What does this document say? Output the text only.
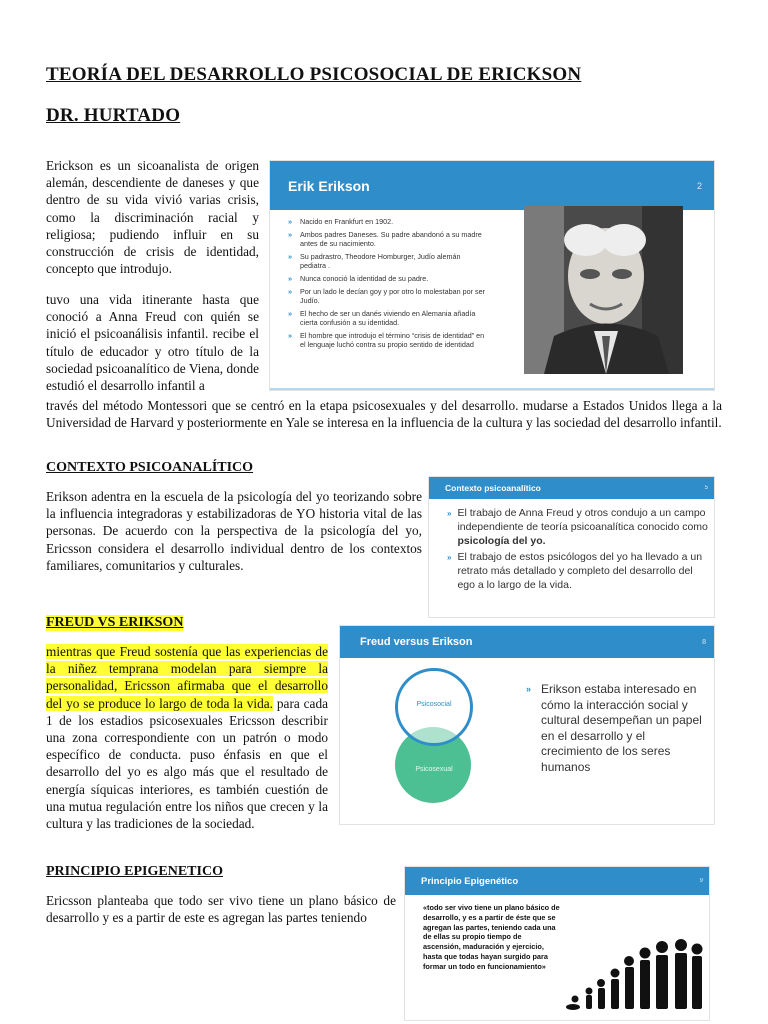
TEORÍA DEL DESARROLLO PSICOSOCIAL DE ERICKSON
DR. HURTADO
Erickson es un sicoanalista de origen alemán, descendiente de daneses y que dentro de su vida vivió varias crisis, como la discriminación racial y religiosa; pudiendo influir en su construcción de crisis de identidad, concepto que introdujo.
tuvo una vida itinerante hasta que conoció a Anna Freud con quién se inició el psicoanálisis infantil. recibe el título de educador y otro título de la sociedad psicoanalítico de Viena, donde estudió el desarrollo infantil a
través del método Montessori que se centró en la etapa psicosexuales y del desarrollo. mudarse a Estados Unidos llega a la Universidad de Harvard y posteriormente en Yale se interesa en la influencia de la cultura y las sociedad del desarrollo infantil.
Erik Erikson	2
» Nacido en Frankfurt en 1902.
» Ambos padres Daneses. Su padre abandonó a su madre antes de su nacimiento.
» Su padrastro, Theodore Homburger, Judío alemán pediatra .
» Nunca conoció la identidad de su padre.
» Por un lado le decían goy y por otro lo molestaban por ser Judío.
» El hecho de ser un danés viviendo en Alemania añadía cierta confusión a su identidad.
» El hombre que introdujo el término “crisis de identidad” en el lenguaje luchó contra su propio sentido de identidad
CONTEXTO PSICOANALÍTICO
Erikson adentra en la escuela de la psicología del yo teorizando sobre la influencia integradoras y estabilizadoras de YO historia vital de las personas. De acuerdo con la perspectiva de la psicología del yo, Ericsson considera el desarrollo individual dentro de los contextos familiares, comunitarios y culturales.
Contexto psicoanalítico	5
» El trabajo de Anna Freud y otros condujo a un campo independiente de teoría psicoanalítica conocido como psicología del yo.
» El trabajo de estos psicólogos del yo ha llevado a un retrato más detallado y completo del desarrollo del ego a lo largo de la vida.
FREUD VS ERIKSON
mientras que Freud sostenía que las experiencias de la niñez temprana modelan para siempre la personalidad, Ericsson afirmaba que el desarrollo del yo se produce lo largo de toda la vida. para cada 1 de los estadios psicosexuales Ericsson describir una zona correspondiente con un patrón o modo específico de conducta. puso énfasis en que el desarrollo del yo es algo más que el resultado de energía síquicas interiores, es también cuestión de una mutua regulación entre los niños que crecen y la cultura y las tradiciones de la sociedad.
Freud versus Erikson	8
Psicosocial
Psicosexual
» Erikson estaba interesado en cómo la interacción social y cultural desempeñan un papel en el desarrollo y el crecimiento de los seres humanos
PRINCIPIO EPIGENETICO
Ericsson planteaba que todo ser vivo tiene un plano básico de desarrollo y es a partir de este es agregan las partes teniendo
Principio Epigenético	9
«todo ser vivo tiene un plano básico de desarrollo, y es a partir de éste que se agregan las partes, teniendo cada una de ellas su propio tiempo de ascensión, maduración y ejercicio, hasta que todas hayan surgido para formar un todo en funcionamiento»
